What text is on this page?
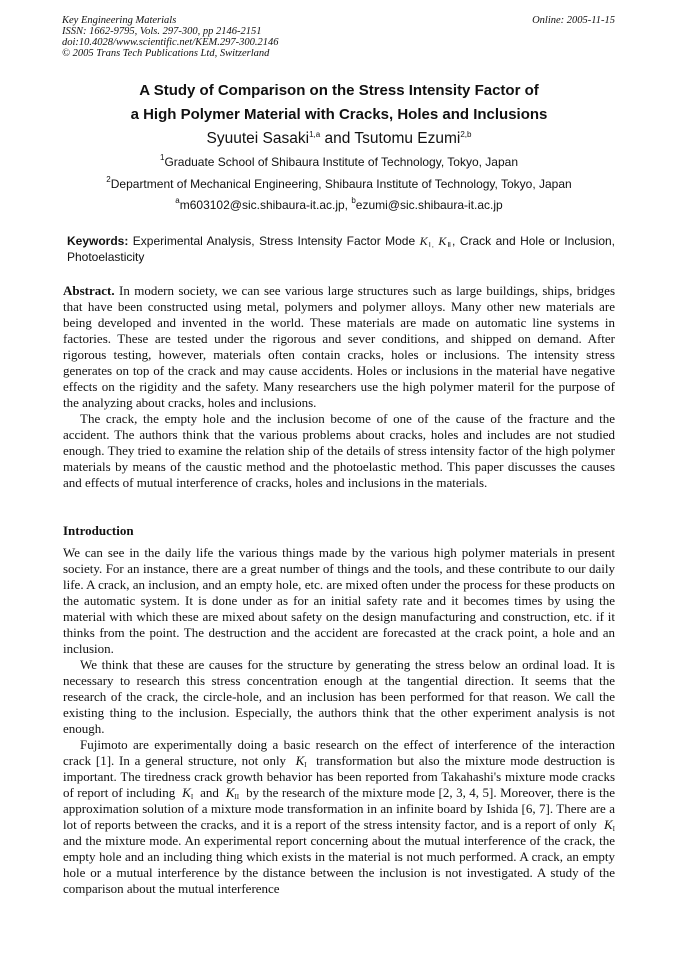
Key Engineering Materials
ISSN: 1662-9795, Vols. 297-300, pp 2146-2151
doi:10.4028/www.scientific.net/KEM.297-300.2146
© 2005 Trans Tech Publications Ltd, Switzerland
Online: 2005-11-15
A Study of Comparison on the Stress Intensity Factor of
a High Polymer Material with Cracks, Holes and Inclusions
Syuutei Sasaki$^{1,a}$ and Tsutomu Ezumi$^{2,b}$
$^1$Graduate School of Shibaura Institute of Technology, Tokyo, Japan
$^2$Department of Mechanical Engineering, Shibaura Institute of Technology, Tokyo, Japan
$^a$m603102@sic.shibaura-it.ac.jp, $^b$ezumi@sic.shibaura-it.ac.jp
Keywords: Experimental Analysis, Stress Intensity Factor Mode $K_{Ⅰ,}$ $K_Ⅱ$, Crack and Hole or Inclusion, Photoelasticity

Abstract. In modern society, we can see various large structures such as large buildings, ships, bridges that have been constructed using metal, polymers and polymer alloys. Many other new materials are being developed and invented in the world. These materials are made on automatic line systems in factories. These are tested under the rigorous and sever conditions, and shipped on demand. After rigorous testing, however, materials often contain cracks, holes or inclusions. The intensity stress generates on top of the crack and may cause accidents. Holes or inclusions in the material have negative effects on the rigidity and the safety. Many researchers use the high polymer materil for the purpose of the analyzing about cracks, holes and inclusions.

The crack, the empty hole and the inclusion become of one of the cause of the fracture and the accident. The authors think that the various problems about cracks, holes and includes are not studied enough. They tried to examine the relation ship of the details of stress intensity factor of the high polymer materials by means of the caustic method and the photoelastic method. This paper discusses the causes and effects of mutual interference of cracks, holes and inclusions in the materials.

Introduction

We can see in the daily life the various things made by the various high polymer materials in present society. For an instance, there are a great number of things and the tools, and these contribute to our daily life. A crack, an inclusion, and an empty hole, etc. are mixed often under the process for these products on the automatic system. It is done under as for an initial safety rate and it becomes times by using the material with which these are mixed about safety on the design manufacturing and construction, etc. if it thinks from the point. The destruction and the accident are forecasted at the crack point, a hole and an inclusion.

We think that these are causes for the structure by generating the stress below an ordinal load. It is necessary to research this stress concentration enough at the tangential direction. It seems that the research of the crack, the circle-hole, and an inclusion has been performed for that reason. We call the existing thing to the inclusion. Especially, the authors think that the other experiment analysis is not enough.

Fujimoto are experimentally doing a basic research on the effect of interference of the interaction crack [1]. In a general structure, not only  $K_I$  transformation but also the mixture mode destruction is important. The tiredness crack growth behavior has been reported from Takahashi's mixture mode cracks of report of including  $K_I$  and  $K_{II}$  by the research of the mixture mode [2, 3, 4, 5]. Moreover, there is the approximation solution of a mixture mode transformation in an infinite board by Ishida [6, 7]. There are a lot of reports between the cracks, and it is a report of the stress intensity factor, and is a report of only  $K_I$  and the mixture mode. An experimental report concerning about the mutual interference of the crack, the empty hole and an including thing which exists in the material is not much performed. A crack, an empty hole or a mutual interference by the distance between the inclusion is not investigated. A study of the comparison about the mutual interference
